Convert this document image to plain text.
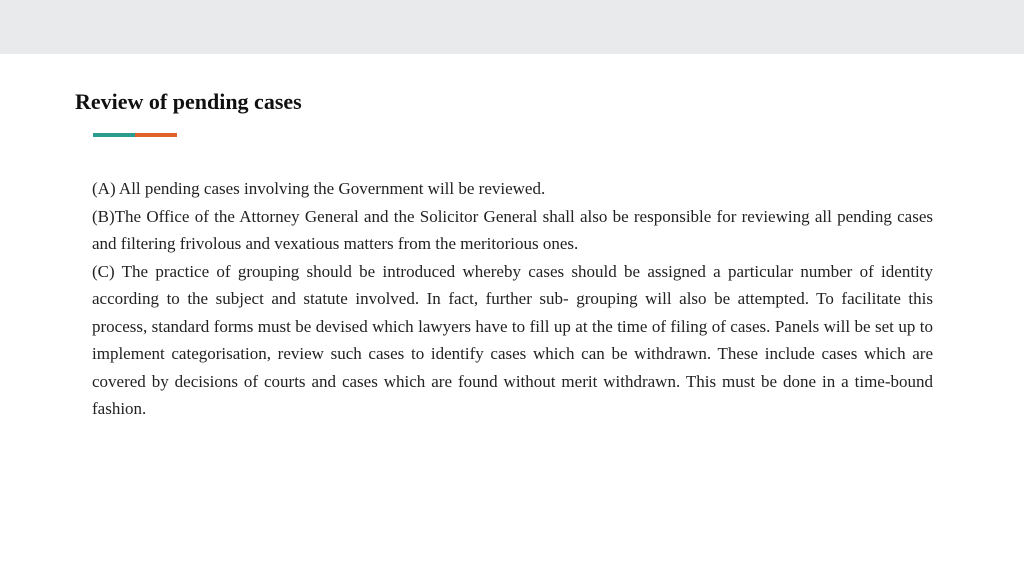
Review of pending cases

(A) All pending cases involving the Government will be reviewed.

(B)The Office of the Attorney General and the Solicitor General shall also be responsible for reviewing all pending cases and filtering frivolous and vexatious matters from the meritorious ones.

(C) The practice of grouping should be introduced whereby cases should be assigned a particular number of identity according to the subject and statute involved. In fact, further sub- grouping will also be attempted. To facilitate this process, standard forms must be devised which lawyers have to fill up at the time of filing of cases. Panels will be set up to implement categorisation, review such cases to identify cases which can be withdrawn. These include cases which are covered by decisions of courts and cases which are found without merit withdrawn. This must be done in a time-bound fashion.
